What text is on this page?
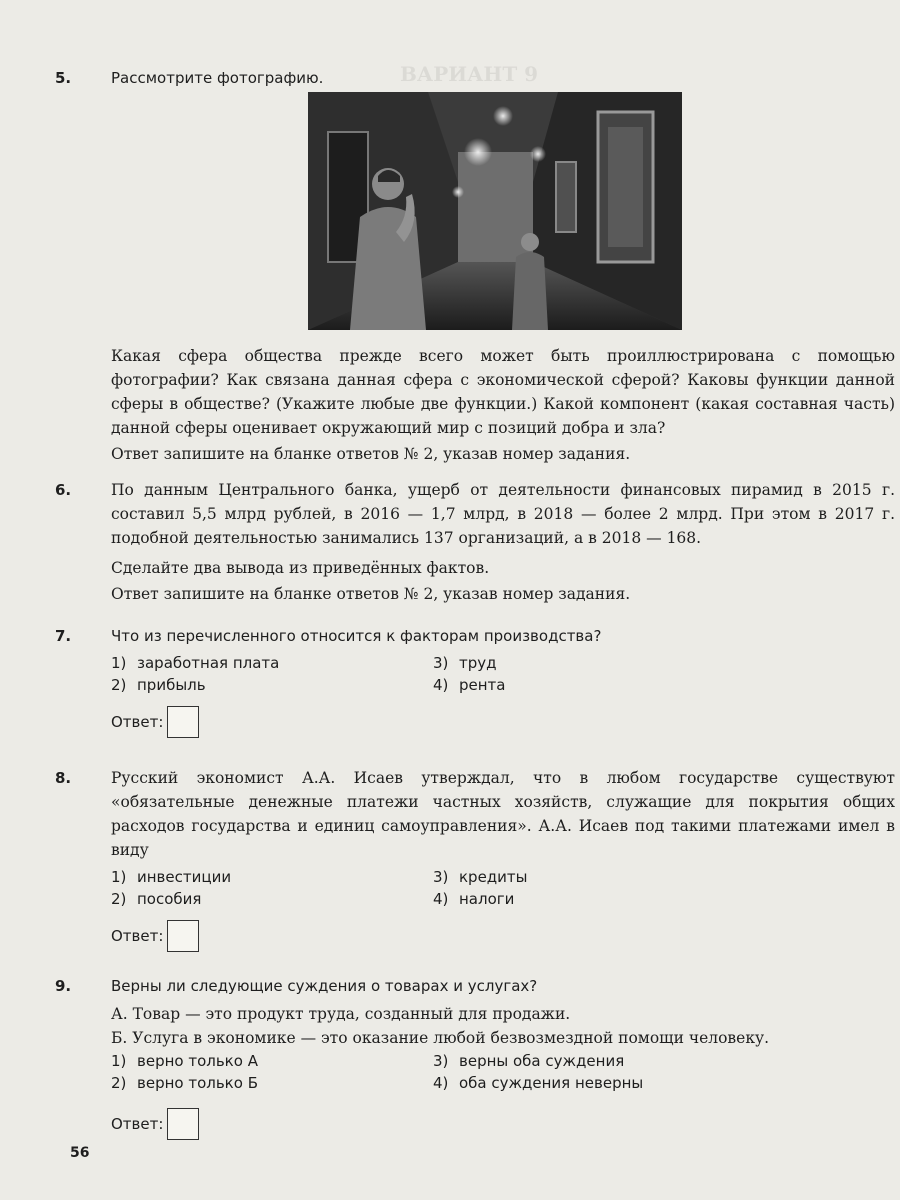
ВАРИАНТ 9
5.	Рассмотрите фотографию.

Какая сфера общества прежде всего может быть проиллюстрирована с помощью фотографии? Как связана данная сфера с экономической сферой? Каковы функции данной сферы в обществе? (Укажите любые две функции.) Какой компонент (какая составная часть) данной сферы оценивает окружающий мир с позиций добра и зла?

Ответ запишите на бланке ответов № 2, указав номер задания.

6.	По данным Центрального банка, ущерб от деятельности финансовых пирамид в 2015 г. составил 5,5 млрд рублей, в 2016 — 1,7 млрд, в 2018 — более 2 млрд. При этом в 2017 г. подобной деятельностью занимались 137 организаций, а в 2018 — 168.

Сделайте два вывода из приведённых фактов.

Ответ запишите на бланке ответов № 2, указав номер задания.

7.	Что из перечисленного относится к факторам производства?

1) заработная плата	3) труд
2) прибыль	4) рента
Ответ:
8.	Русский экономист А.А. Исаев утверждал, что в любом государстве существуют «обязательные денежные платежи частных хозяйств, служащие для покрытия общих расходов государства и единиц самоуправления». А.А. Исаев под такими платежами имел в виду

1) инвестиции	3) кредиты
2) пособия	4) налоги
Ответ:
9.	Верны ли следующие суждения о товарах и услугах?

А. Товар — это продукт труда, созданный для продажи.

Б. Услуга в экономике — это оказание любой безвозмездной помощи человеку.

1) верно только А	3) верны оба суждения
2) верно только Б	4) оба суждения неверны
Ответ:
56
